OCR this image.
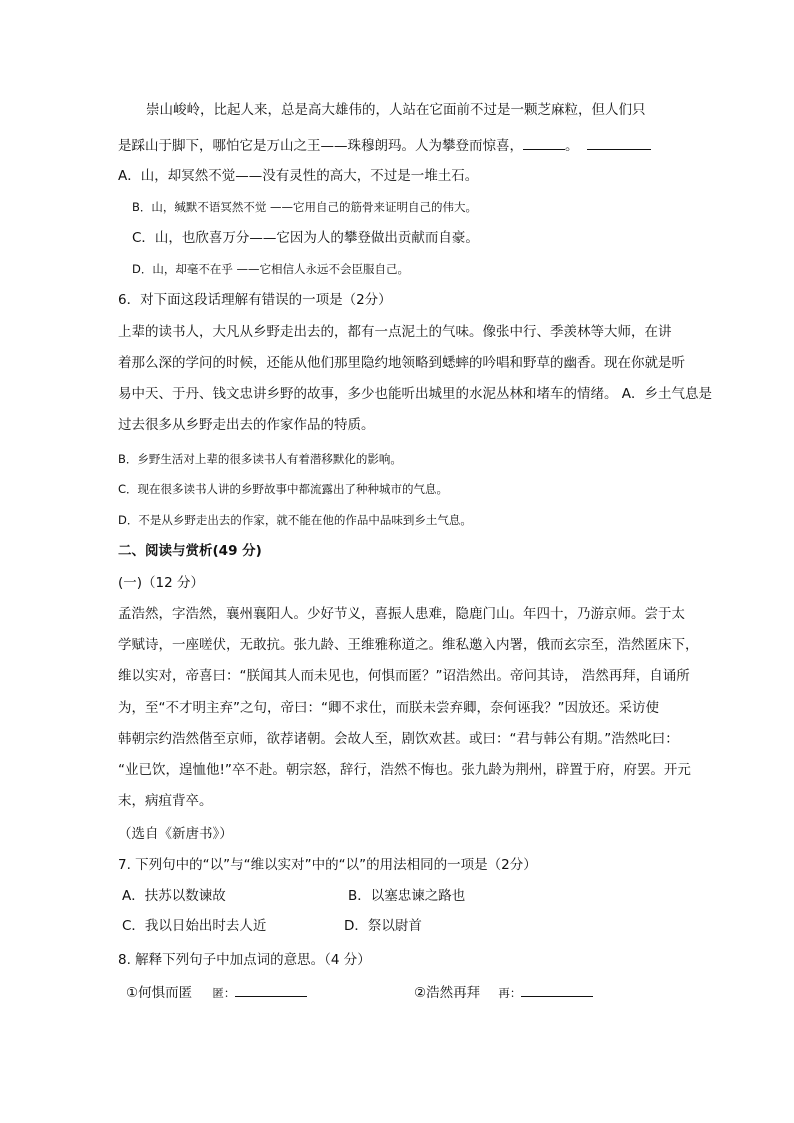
崇山峻岭，比起人来，总是高大雄伟的，人站在它面前不过是一颗芝麻粒，但人们只
是踩山于脚下，哪怕它是万山之王——珠穆朗玛。人为攀登而惊喜，	。
A．山，却冥然不觉——没有灵性的高大，不过是一堆土石。
B．山，缄默不语冥然不觉 ——它用自己的筋骨来证明自己的伟大。
C．山，也欣喜万分——它因为人的攀登做出贡献而自豪。
D．山，却毫不在乎 ——它相信人永远不会臣服自己。
6．对下面这段话理解有错误的一项是（2分）
上辈的读书人，大凡从乡野走出去的，都有一点泥土的气味。像张中行、季羡林等大师，在讲
着那么深的学问的时候，还能从他们那里隐约地领略到蟋蟀的吟唱和野草的幽香。现在你就是听
易中天、于丹、钱文忠讲乡野的故事，多少也能听出城里的水泥丛林和堵车的情绪。 A．乡土气息是
过去很多从乡野走出去的作家作品的特质。
B．乡野生活对上辈的很多读书人有着潜移默化的影响。
C．现在很多读书人讲的乡野故事中都流露出了种种城市的气息。
D．不是从乡野走出去的作家，就不能在他的作品中品味到乡土气息。
二、阅读与赏析(49 分)
(一)（12 分）
孟浩然，字浩然，襄州襄阳人。少好节义，喜振人患难，隐鹿门山。年四十，乃游京师。尝于太
学赋诗，一座嗟伏，无敢抗。张九龄、王维雅称道之。维私邀入内署，俄而玄宗至，浩然匿床下，
维以实对，帝喜曰：“朕闻其人而未见也，何惧而匿？”诏浩然出。帝问其诗， 浩然再拜，自诵所
为，至“不才明主弃”之句，帝曰：“卿不求仕，而朕未尝弃卿，奈何诬我？”因放还。采访使
韩朝宗约浩然偕至京师，欲荐诸朝。会故人至，剧饮欢甚。或曰：“君与韩公有期。”浩然叱曰：
“业已饮，遑恤他!”卒不赴。朝宗怒，辞行，浩然不悔也。张九龄为荆州，辟置于府，府罢。开元
末，病疽背卒。
（选自《新唐书》）
7. 下列句中的“以”与“维以实对”中的“以”的用法相同的一项是（2分）
A．扶苏以数谏故	B．以塞忠谏之路也
C．我以日始出时去人近	D．祭以尉首
8. 解释下列句子中加点词的意思。（4 分）
①何惧而匿 匿：	②浩然再拜 再：
